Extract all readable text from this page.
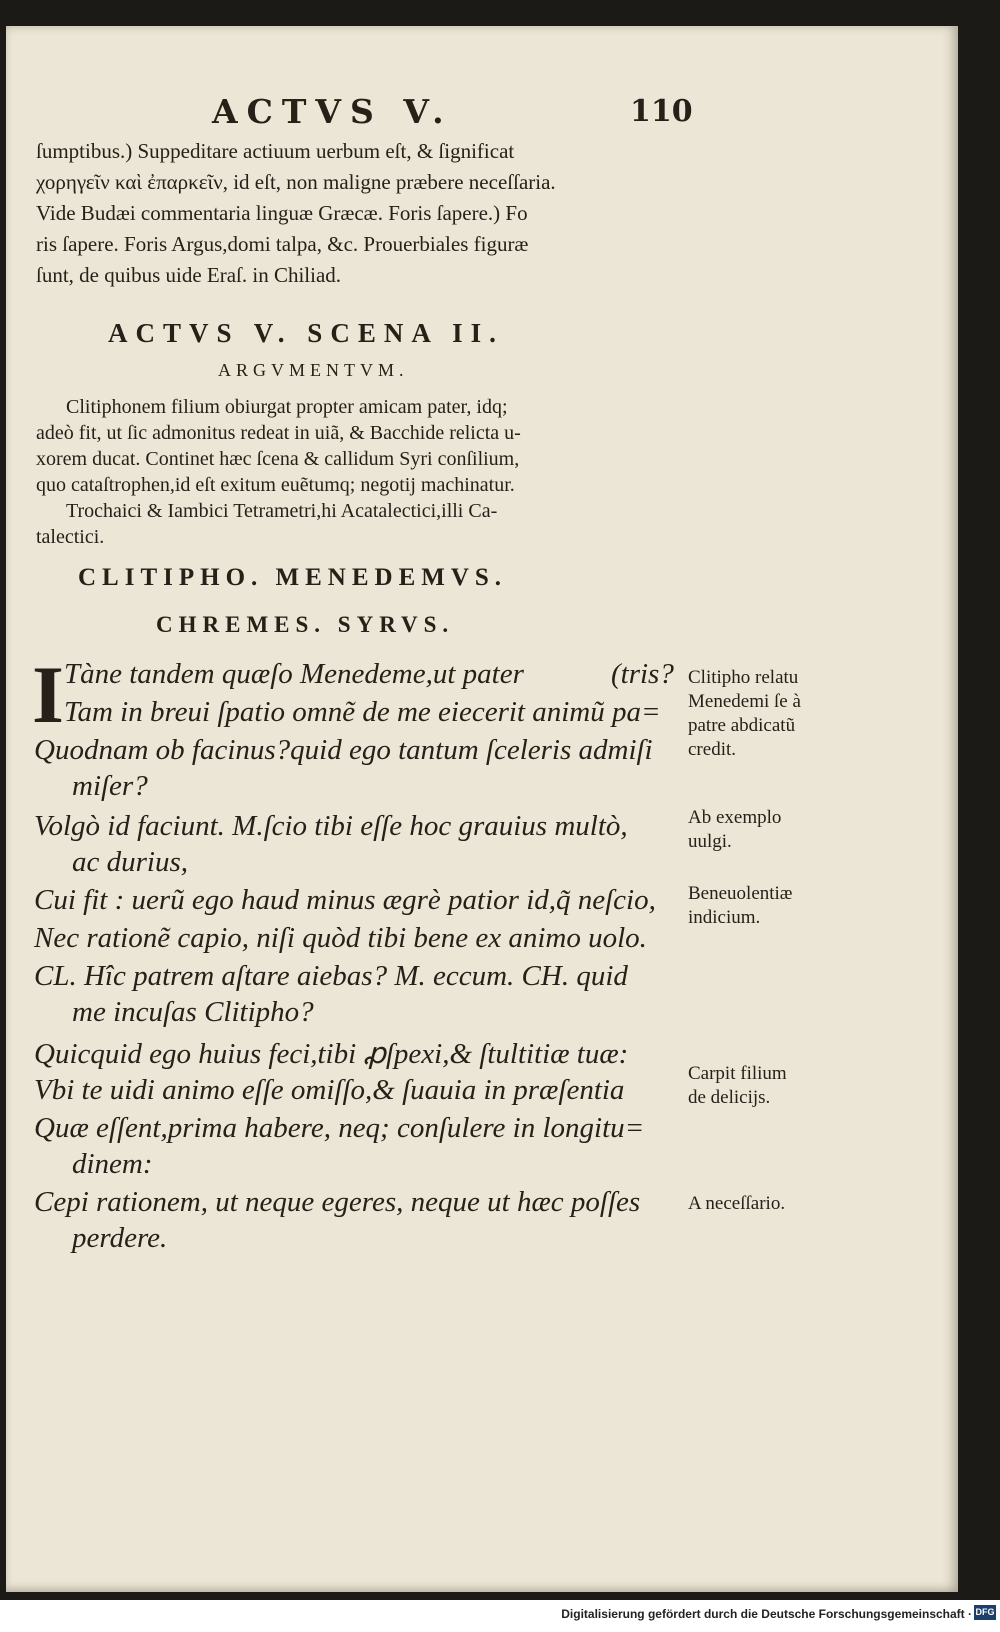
ACTVS V.	110
ſumptibus.) Suppeditare actiuum uerbum eſt, & ſignificat
χορηγεῖν καὶ ἐπαρκεῖν, id eſt, non maligne præbere neceſſaria.
Vide Budæi commentaria linguæ Græcæ. Foris ſapere.) Fo
ris ſapere. Foris Argus,domi talpa, &c. Prouerbiales figuræ
ſunt, de quibus uide Eraſ. in Chiliad.
ACTVS V. SCENA II.
ARGVMENTVM.
Clitiphonem filium obiurgat propter amicam pater, idq;
adeò fit, ut ſic admonitus redeat in uiã, & Bacchide relicta u-
xorem ducat. Continet hæc ſcena & callidum Syri conſilium,
quo cataſtrophen,id eſt exitum euẽtumq; negotij machinatur.
Trochaici & Iambici Tetrametri,hi Acatalectici,illi Ca-
talectici.
CLITIPHO. MENEDEMVS.
CHREMES. SYRVS.
I Tàne tandem quæſo Menedeme,ut pater	(tris?
Tam in breui ſpatio omnẽ de me eiecerit animũ pa=
Quodnam ob facinus?quid ego tantum ſceleris admiſi
miſer?
Volgò id faciunt. M.ſcio tibi eſſe hoc grauius multò,
ac durius,
Cui fit : uerũ ego haud minus ægrè patior id,q̃ neſcio,
Nec rationẽ capio, niſi quòd tibi bene ex animo uolo.
CL. Hîc patrem aſtare aiebas? M. eccum. CH. quid
me incuſas Clitipho?
Quicquid ego huius feci,tibi ꝓſpexi,& ſtultitiæ tuæ:
Vbi te uidi animo eſſe omiſſo,& ſuauia in præſentia
Quæ eſſent,prima habere, neq; conſulere in longitu=
dinem:
Cepi rationem, ut neque egeres, neque ut hæc poſſes
perdere.
Clitipho relatu
Menedemi ſe à
patre abdicatũ
credit.
Ab exemplo
uulgi.
Beneuolentiæ
indicium.
Carpit filium
de delicijs.
A neceſſario.
Digitalisierung gefördert durch die Deutsche Forschungsgemeinschaft · DFG
